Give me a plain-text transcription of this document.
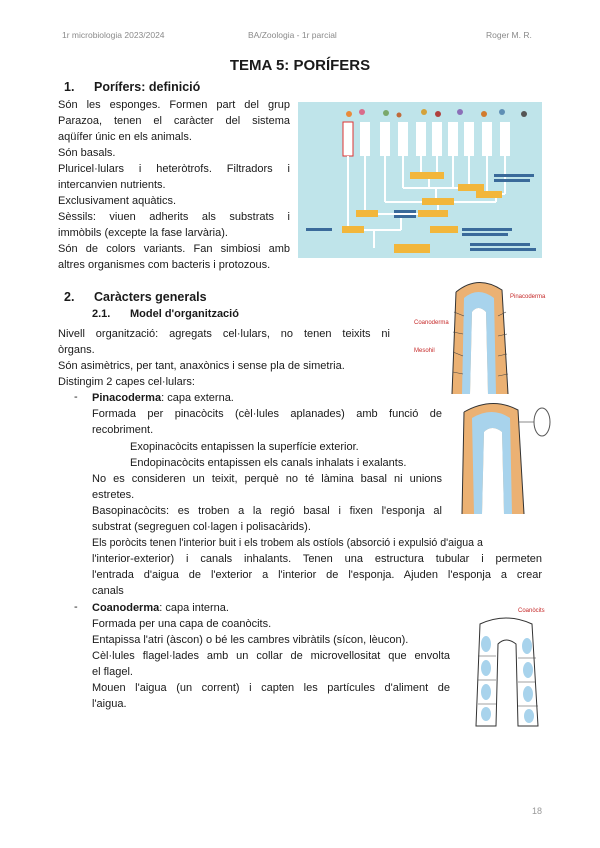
1r microbiologia 2023/2024	BA/Zoologia - 1r parcial	Roger M. R.
TEMA 5: PORÍFERS
1. Porífers: definició
Són les esponges. Formen part del grup
Parazoa, tenen el caràcter del sistema
aqüífer únic en els animals.
Són basals.
Pluricel·lulars i heteròtrofs. Filtradors i
intercanvien nutrients.
Exclusivament aquàtics.
Sèssils: viuen adherits als substrats i
immòbils (excepte la fase larvària).
Són de colors variants. Fan simbiosi amb
altres organismes com bacteris i protozous.
2. Caràcters generals
2.1. Model d'organització
Nivell organització: agregats cel·lulars, no tenen teixits ni
òrgans.
Són asimètrics, per tant, anaxònics i sense pla de simetria.
Distingim 2 capes cel·lulars:
- Pinacoderma: capa externa.
Formada per pinacòcits (cèl·lules aplanades) amb funció de
recobriment.
Exopinacòcits entapissen la superfície exterior.
Endopinacòcits entapissen els canals inhalats i exalants.
No es consideren un teixit, perquè no té làmina basal ni unions
estretes.
Basopinacòcits: es troben a la regió basal i fixen l'esponja al
substrat (segreguen col·lagen i polisacàrids).
Els poròcits tenen l'interior buit i els trobem als ostíols (absorció i expulsió d'aigua a
l'interior-exterior) i canals inhalants. Tenen una estructura tubular i permeten
l'entrada d'aigua de l'exterior a l'interior de l'esponja. Ajuden l'esponja a crear
canals
- Coanoderma: capa interna.
Formada per una capa de coanòcits.
Entapissa l'atri (àscon) o bé les cambres vibràtils (sícon, lèucon).
Cèl·lules flagel·lades amb un collar de microvellositat que envolta
el flagel.
Mouen l'aigua (un corrent) i capten les partícules d'aliment de
l'aigua.
Pinacoderma
Coanoderma
Mesohil
Coanòcits
18
